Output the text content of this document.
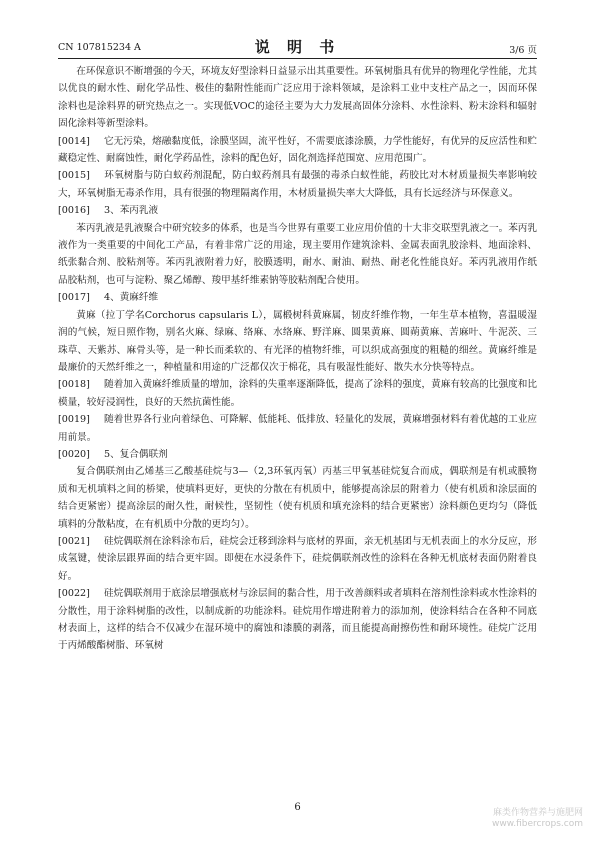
CN 107815234 A	说 明 书	3/6 页

在环保意识不断增强的今天，环境友好型涂料日益显示出其重要性。环氧树脂具有优异的物理化学性能，尤其以优良的耐水性、耐化学品性、极佳的黏附性能而广泛应用于涂料领域，是涂料工业中支柱产品之一，因而环保涂料也是涂料界的研究热点之一。实现低VOC的途径主要为大力发展高固体分涂料、水性涂料、粉末涂料和辐射固化涂料等新型涂料。

[0014] 它无污染，熔融黏度低，涂膜坚固，流平性好，不需要底漆涂膜，力学性能好，有优异的反应活性和贮藏稳定性、耐腐蚀性，耐化学药品性，涂料的配色好，固化剂选择范围宽、应用范围广。

[0015] 环氧树脂与防白蚁药剂混配，防白蚁药剂具有最强的毒杀白蚁性能，药胶比对木材质量损失率影响较大，环氧树脂无毒杀作用，具有很强的物理隔离作用，木材质量损失率大大降低，具有长远经济与环保意义。

[0016] 3、苯丙乳液

苯丙乳液是乳液聚合中研究较多的体系，也是当今世界有重要工业应用价值的十大非交联型乳液之一。苯丙乳液作为一类重要的中间化工产品，有着非常广泛的用途，现主要用作建筑涂料、金属表面乳胶涂料、地面涂料、纸张黏合剂、胶粘剂等。苯丙乳液附着力好，胶膜透明，耐水、耐油、耐热、耐老化性能良好。苯丙乳液用作纸品胶粘剂，也可与淀粉、聚乙烯醇、羧甲基纤维素钠等胶粘剂配合使用。

[0017] 4、黄麻纤维

黄麻（拉丁学名Corchorus capsularis L），属椴树科黄麻属，韧皮纤维作物，一年生草本植物，喜温暖湿润的气候，短日照作物，别名火麻、绿麻、络麻、水络麻、野洋麻、圆果黄麻、圆蒴黄麻、苦麻叶、牛泥茨、三珠草、天紫苏、麻骨头等，是一种长而柔软的、有光泽的植物纤维，可以织成高强度的粗糙的细丝。黄麻纤维是最廉价的天然纤维之一，种植量和用途的广泛都仅次于棉花，具有吸湿性能好、散失水分快等特点。

[0018] 随着加入黄麻纤维质量的增加，涂料的失重率逐渐降低，提高了涂料的强度，黄麻有较高的比强度和比模量，较好浸润性，良好的天然抗菌性能。

[0019] 随着世界各行业向着绿色、可降解、低能耗、低排放、轻量化的发展，黄麻增强材料有着优越的工业应用前景。

[0020] 5、复合偶联剂

复合偶联剂由乙烯基三乙酸基硅烷与3—（2,3环氧丙氧）丙基三甲氧基硅烷复合而成，偶联剂是有机或膜物质和无机填料之间的桥梁，使填料更好，更快的分散在有机质中，能够提高涂层的附着力（使有机质和涂层面的结合更紧密）提高涂层的耐久性，耐候性，坚韧性（使有机质和填充涂料的结合更紧密）涂料颜色更均匀（降低填料的分散粘度，在有机质中分散的更均匀）。

[0021] 硅烷偶联剂在涂料涂布后，硅烷会迁移到涂料与底材的界面，亲无机基团与无机表面上的水分反应，形成氢键，使涂层跟界面的结合更牢固。即便在水浸条件下，硅烷偶联剂改性的涂料在各种无机底材表面仍附着良好。

[0022] 硅烷偶联剂用于底涂层增强底材与涂层间的黏合性，用于改善颜料或者填料在溶剂性涂料或水性涂料的分散性，用于涂料树脂的改性，以制成新的功能涂料。硅烷用作增进附着力的添加剂，使涂料结合在各种不同底材表面上，这样的结合不仅减少在湿环境中的腐蚀和漆膜的剥落，而且能提高耐擦伤性和耐环境性。硅烷广泛用于丙烯酸酯树脂、环氧树

6	麻类作物营养与施肥网
www.fibercrops.com
